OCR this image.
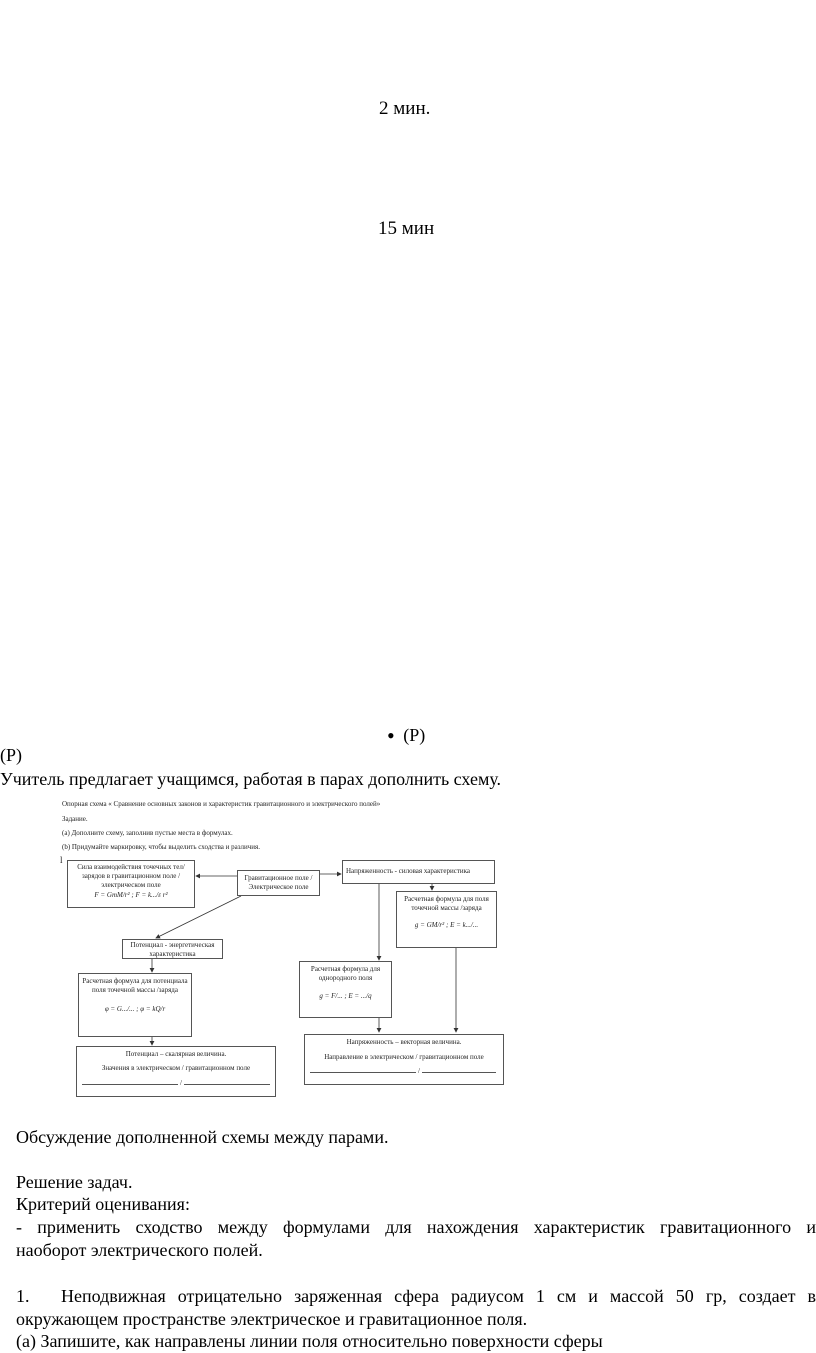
2 мин.
15 мин
• (P)
(P)
Учитель предлагает учащимся, работая в парах дополнить схему.
Опорная схема « Сравнение основных законов и характеристик гравитационного и электрического полей»
Задание.
(a) Дополните схему, заполнив пустые места в формулах.
(b) Придумайте маркировку, чтобы выделить сходства и различия.
l
Сила взаимодействия точечных тел/ зарядов в гравитационном поле / электрическом поле
F = GmM/r² ; F = k.../ε r²
Гравитационное поле / Электрическое поле
Напряженность - силовая характеристика
Расчетная формула для поля точечной массы /заряда
g = GM/r² ; E = k.../...
Потенциал - энергетическая характеристика
Расчетная формула для потенциала поля точечной массы /заряда
φ = G.../... ; φ = kQ/r
Расчетная формула для однородного поля
g = F/... ; E = .../q
Потенциал – скалярная величина.
Значения в электрическом / гравитационном поле
/
Напряженность – векторная величина.
Направление в электрическом / гравитационном поле
/
Обсуждение дополненной схемы между парами.
Решение задач.
Критерий оценивания:
- применить сходство между формулами для нахождения характеристик гравитационного и
наоборот электрического полей.
1. Неподвижная отрицательно заряженная сфера радиусом 1 см и массой 50 гр, создает в
окружающем пространстве электрическое и гравитационное поля.
(а) Запишите, как направлены линии поля относительно поверхности сферы
